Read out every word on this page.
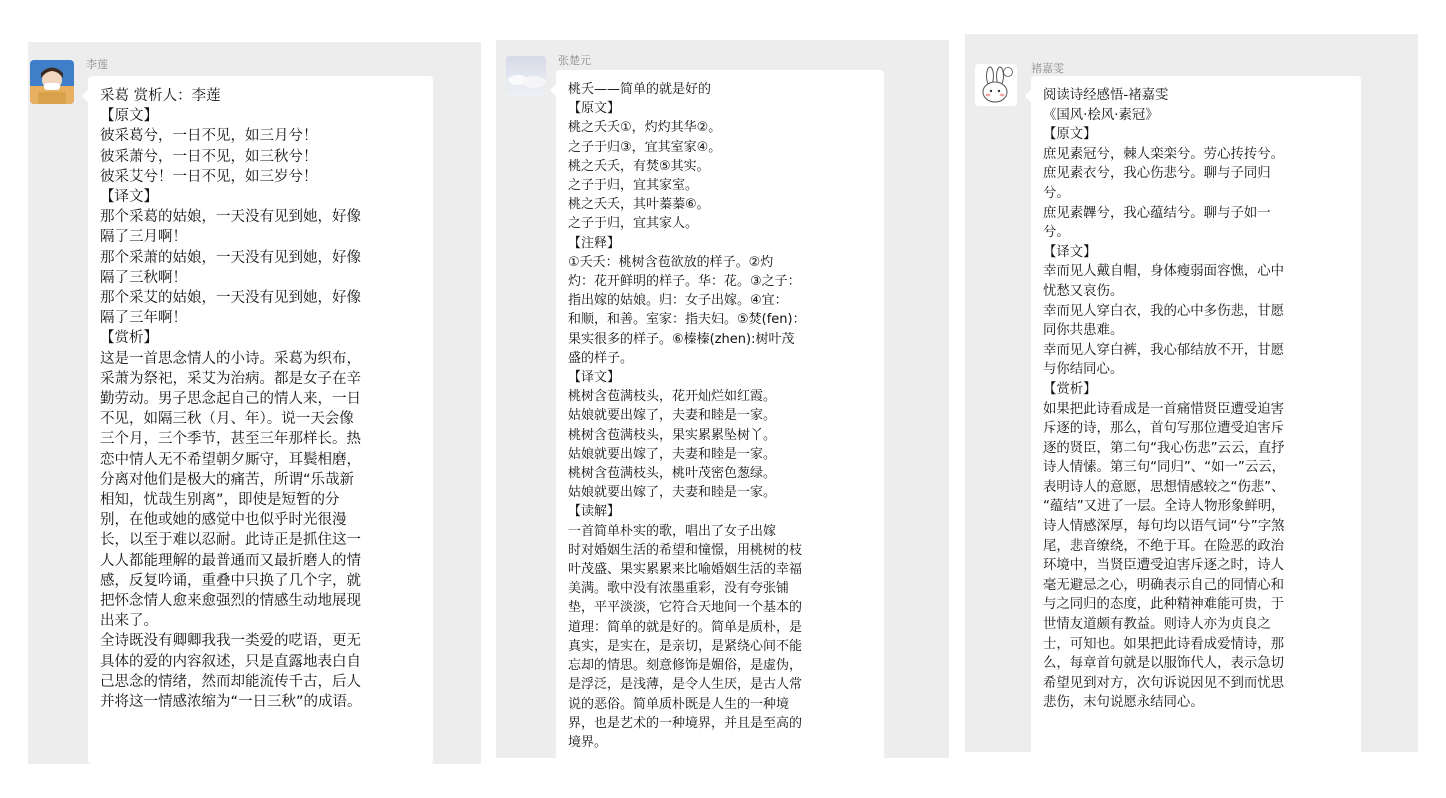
李莲
采葛 赏析人：李莲
【原文】
彼采葛兮，一日不见，如三月兮！
彼采萧兮，一日不见，如三秋兮！
彼采艾兮！一日不见，如三岁兮！
【译文】
那个采葛的姑娘，一天没有见到她，好像
隔了三月啊！
那个采萧的姑娘，一天没有见到她，好像
隔了三秋啊！
那个采艾的姑娘，一天没有见到她，好像
隔了三年啊！
【赏析】
这是一首思念情人的小诗。采葛为织布，
采萧为祭祀，采艾为治病。都是女子在辛
勤劳动。男子思念起自己的情人来，一日
不见，如隔三秋（月、年）。说一天会像
三个月，三个季节，甚至三年那样长。热
恋中情人无不希望朝夕厮守，耳鬓相磨，
分离对他们是极大的痛苦，所谓“乐哉新
相知，忧哉生别离”，即使是短暂的分
别，在他或她的感觉中也似乎时光很漫
长，以至于难以忍耐。此诗正是抓住这一
人人都能理解的最普通而又最折磨人的情
感，反复吟诵，重叠中只换了几个字，就
把怀念情人愈来愈强烈的情感生动地展现
出来了。
全诗既没有卿卿我我一类爱的呓语，更无
具体的爱的内容叙述，只是直露地表白自
己思念的情绪，然而却能流传千古，后人
并将这一情感浓缩为“一日三秋”的成语。
张楚元
桃夭——简单的就是好的
【原文】
桃之夭夭①，灼灼其华②。
之子于归③，宜其室家④。
桃之夭夭，有焚⑤其实。
之子于归，宜其家室。
桃之夭夭，其叶蓁蓁⑥。
之子于归，宜其家人。
【注释】
①夭夭：桃树含苞欲放的样子。②灼
灼：花开鲜明的样子。华：花。③之子：
指出嫁的姑娘。归：女子出嫁。④宜：
和顺，和善。室家：指夫妇。⑤焚(fen)：
果实很多的样子。⑥榛榛(zhen):树叶茂
盛的样子。
【译文】
桃树含苞满枝头，花开灿烂如红霞。
姑娘就要出嫁了，夫妻和睦是一家。
桃树含苞满枝头，果实累累坠树丫。
姑娘就要出嫁了，夫妻和睦是一家。
桃树含苞满枝头，桃叶茂密色葱绿。
姑娘就要出嫁了，夫妻和睦是一家。
【读解】
一首简单朴实的歌，唱出了女子出嫁
时对婚姻生活的希望和憧憬，用桃树的枝
叶茂盛、果实累累来比喻婚姻生活的幸福
美满。歌中没有浓墨重彩，没有夸张铺
垫，平平淡淡，它符合天地间一个基本的
道理：简单的就是好的。简单是质朴，是
真实，是实在，是亲切，是紧绕心间不能
忘却的情思。刻意修饰是媚俗，是虚伪，
是浮泛，是浅薄，是令人生厌，是古人常
说的恶俗。简单质朴既是人生的一种境
界，也是艺术的一种境界，并且是至高的
境界。
褚嘉雯
阅读诗经感悟-褚嘉雯
《国风·桧风·素冠》
【原文】
庶见素冠兮，棘人栾栾兮。劳心抟抟兮。
庶见素衣兮，我心伤悲兮。聊与子同归
兮。
庶见素韠兮，我心蕴结兮。聊与子如一
兮。
【译文】
幸而见人戴自帽，身体瘦弱面容憔，心中
忧愁又哀伤。
幸而见人穿白衣，我的心中多伤悲，甘愿
同你共患难。
幸而见人穿白裤，我心郁结放不开，甘愿
与你结同心。
【赏析】
如果把此诗看成是一首痛惜贤臣遭受迫害
斥逐的诗，那么，首句写那位遭受迫害斥
逐的贤臣，第二句“我心伤悲”云云，直抒
诗人情愫。第三句“同归”、“如一”云云，
表明诗人的意愿，思想情感较之“伤悲”、
“蕴结”又进了一层。全诗人物形象鲜明，
诗人情感深厚，每句均以语气词“兮”字煞
尾，悲音缭绕，不绝于耳。在险恶的政治
环境中，当贤臣遭受迫害斥逐之时，诗人
毫无避忌之心，明确表示自己的同情心和
与之同归的态度，此种精神难能可贵，于
世情友道颇有教益。则诗人亦为贞良之
士，可知也。如果把此诗看成爱情诗，那
么，每章首句就是以服饰代人，表示急切
希望见到对方，次句诉说因见不到而忧思
悲伤，末句说愿永结同心。
